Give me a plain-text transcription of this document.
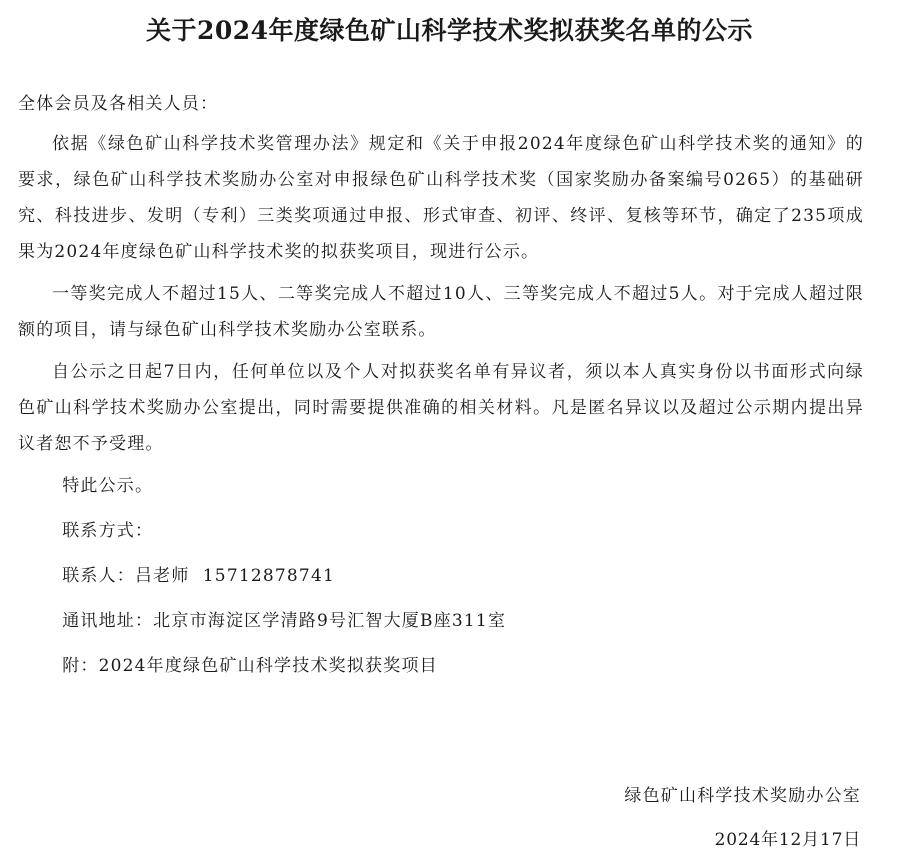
关于2024年度绿色矿山科学技术奖拟获奖名单的公示
全体会员及各相关人员：

依据《绿色矿山科学技术奖管理办法》规定和《关于申报2024年度绿色矿山科学技术奖的通知》的要求，绿色矿山科学技术奖励办公室对申报绿色矿山科学技术奖（国家奖励办备案编号0265）的基础研究、科技进步、发明（专利）三类奖项通过申报、形式审查、初评、终评、复核等环节，确定了235项成果为2024年度绿色矿山科学技术奖的拟获奖项目，现进行公示。

一等奖完成人不超过15人、二等奖完成人不超过10人、三等奖完成人不超过5人。对于完成人超过限额的项目，请与绿色矿山科学技术奖励办公室联系。

自公示之日起7日内，任何单位以及个人对拟获奖名单有异议者，须以本人真实身份以书面形式向绿色矿山科学技术奖励办公室提出，同时需要提供准确的相关材料。凡是匿名异议以及超过公示期内提出异议者恕不予受理。

特此公示。
联系方式：
联系人：吕老师  15712878741
通讯地址：北京市海淀区学清路9号汇智大厦B座311室
附：2024年度绿色矿山科学技术奖拟获奖项目
绿色矿山科学技术奖励办公室
2024年12月17日
